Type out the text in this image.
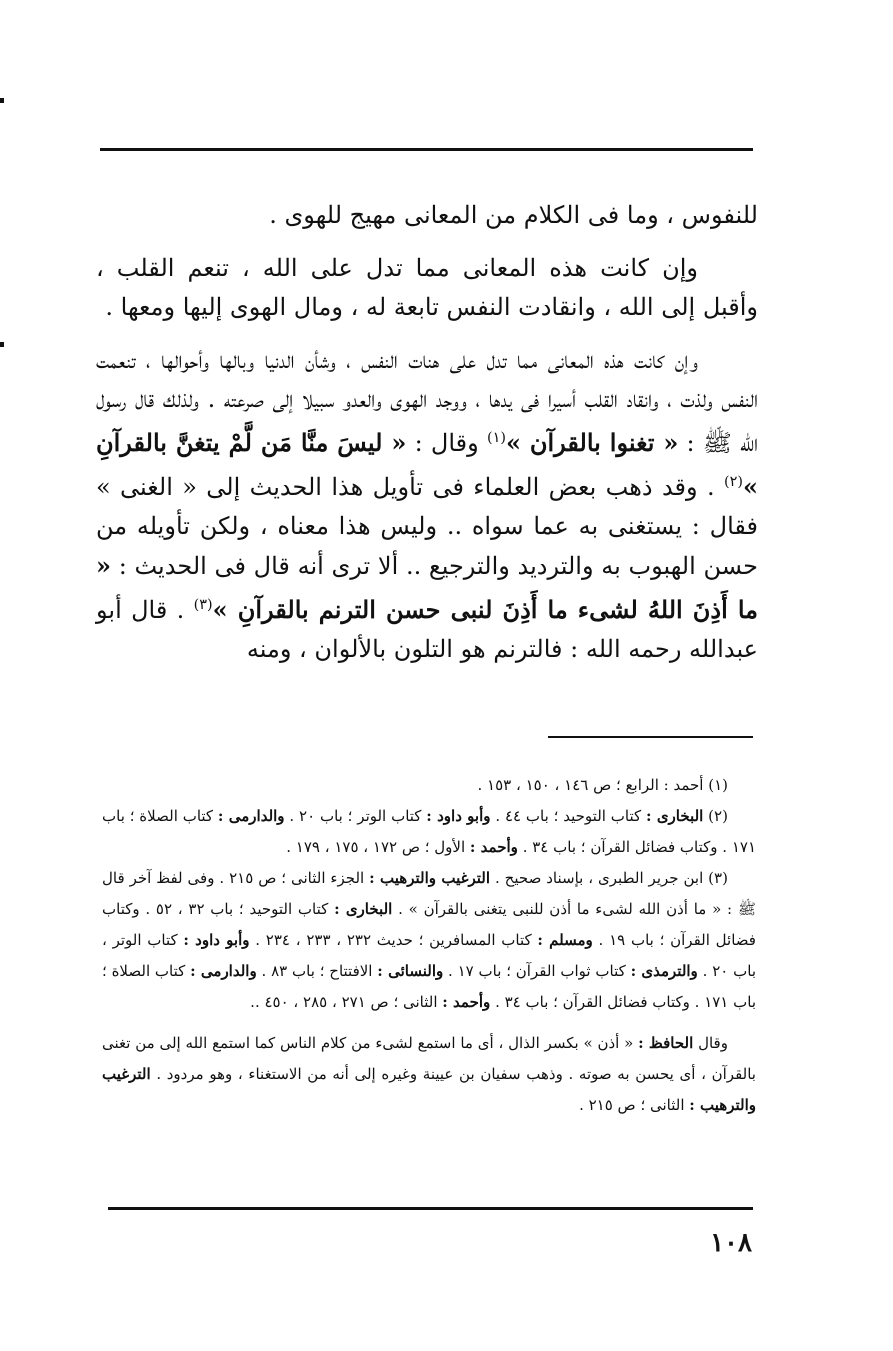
للنفوس ، وما فى الكلام من المعانى مهيج للهوى .

وإن كانت هذه المعانى مما تدل على الله ، تنعم القلب ، وأقبل إلى الله ، وانقادت النفس تابعة له ، ومال الهوى إليها ومعها .

وإن كانت هذه المعانى مما تدل على هنات النفس ، وشأن الدنيا وبالها وأحوالها ، تنعمت النفس ولذت ، وانقاد القلب أسيرا فى يدها ، ووجد الهوى والعدو سبيلا إلى صرعته . ولذلك قال رسول الله ﷺ : « تغنوا بالقرآن »$^{(١)}$ وقال : « ليسَ منَّا مَن لَّمْ يتغنَّ بالقرآنِ »$^{(٢)}$ . وقد ذهب بعض العلماء فى تأويل هذا الحديث إلى « الغنى » فقال : يستغنى به عما سواه .. وليس هذا معناه ، ولكن تأويله من حسن الهبوب به والترديد والترجيع .. ألا ترى أنه قال فى الحديث : « ما أَذِنَ اللهُ لشىء ما أَذِنَ لنبى حسن الترنم بالقرآنِ »$^{(٣)}$ . قال أبو عبدالله رحمه الله : فالترنم هو التلون بالألوان ، ومنه

(١) أحمد : الرابع ؛ ص ١٤٦ ، ١٥٠ ، ١٥٣ .

(٢) البخارى : كتاب التوحيد ؛ باب ٤٤ . وأبو داود : كتاب الوتر ؛ باب ٢٠ . والدارمى : كتاب الصلاة ؛ باب ١٧١ . وكتاب فضائل القرآن ؛ باب ٣٤ . وأحمد : الأول ؛ ص ١٧٢ ، ١٧٥ ، ١٧٩ .

(٣) ابن جرير الطبرى ، بإسناد صحيح . الترغيب والترهيب : الجزء الثانى ؛ ص ٢١٥ . وفى لفظ آخر قال ﷺ : « ما أذن الله لشىء ما أذن للنبى يتغنى بالقرآن » . البخارى : كتاب التوحيد ؛ باب ٣٢ ، ٥٢ . وكتاب فضائل القرآن ؛ باب ١٩ . ومسلم : كتاب المسافرين ؛ حديث ٢٣٢ ، ٢٣٣ ، ٢٣٤ . وأبو داود : كتاب الوتر ، باب ٢٠ . والترمذى : كتاب ثواب القرآن ؛ باب ١٧ . والنسائى : الافتتاح ؛ باب ٨٣ . والدارمى : كتاب الصلاة ؛ باب ١٧١ . وكتاب فضائل القرآن ؛ باب ٣٤ . وأحمد : الثانى ؛ ص ٢٧١ ، ٢٨٥ ، ٤٥٠ ..

وقال الحافظ : « أذن » بكسر الذال ، أى ما استمع لشىء من كلام الناس كما استمع الله إلى من تغنى بالقرآن ، أى يحسن به صوته . وذهب سفيان بن عيينة وغيره إلى أنه من الاستغناء ، وهو مردود . الترغيب والترهيب : الثانى ؛ ص ٢١٥ .

١٠٨
